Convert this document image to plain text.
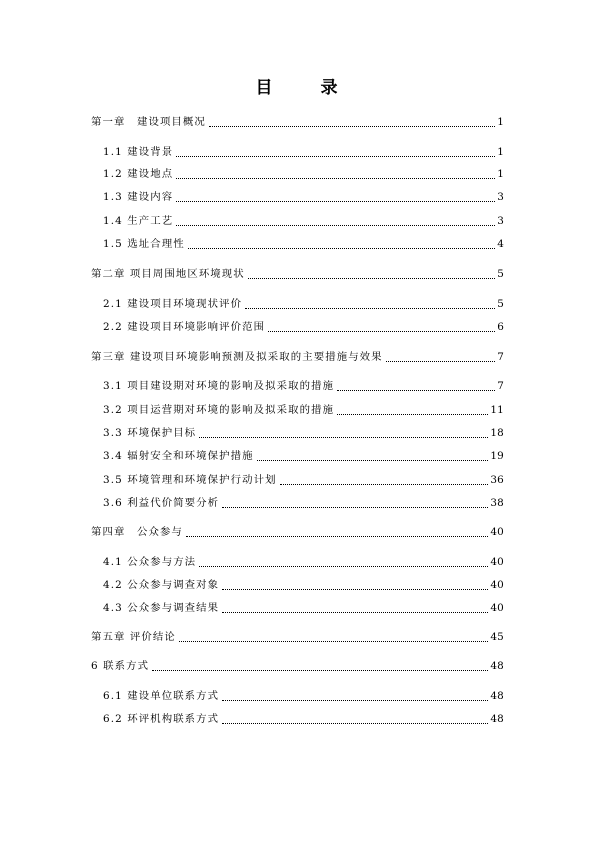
目 录
第一章　建设项目概况	1
1.1 建设背景	1
1.2 建设地点	1
1.3 建设内容	3
1.4 生产工艺	3
1.5 选址合理性	4
第二章 项目周围地区环境现状	5
2.1 建设项目环境现状评价	5
2.2 建设项目环境影响评价范围	6
第三章 建设项目环境影响预测及拟采取的主要措施与效果	7
3.1 项目建设期对环境的影响及拟采取的措施	7
3.2 项目运营期对环境的影响及拟采取的措施	11
3.3 环境保护目标	18
3.4 辐射安全和环境保护措施	19
3.5 环境管理和环境保护行动计划	36
3.6 利益代价简要分析	38
第四章　公众参与	40
4.1 公众参与方法	40
4.2 公众参与调查对象	40
4.3 公众参与调查结果	40
第五章 评价结论	45
6 联系方式	48
6.1 建设单位联系方式	48
6.2 环评机构联系方式	48
